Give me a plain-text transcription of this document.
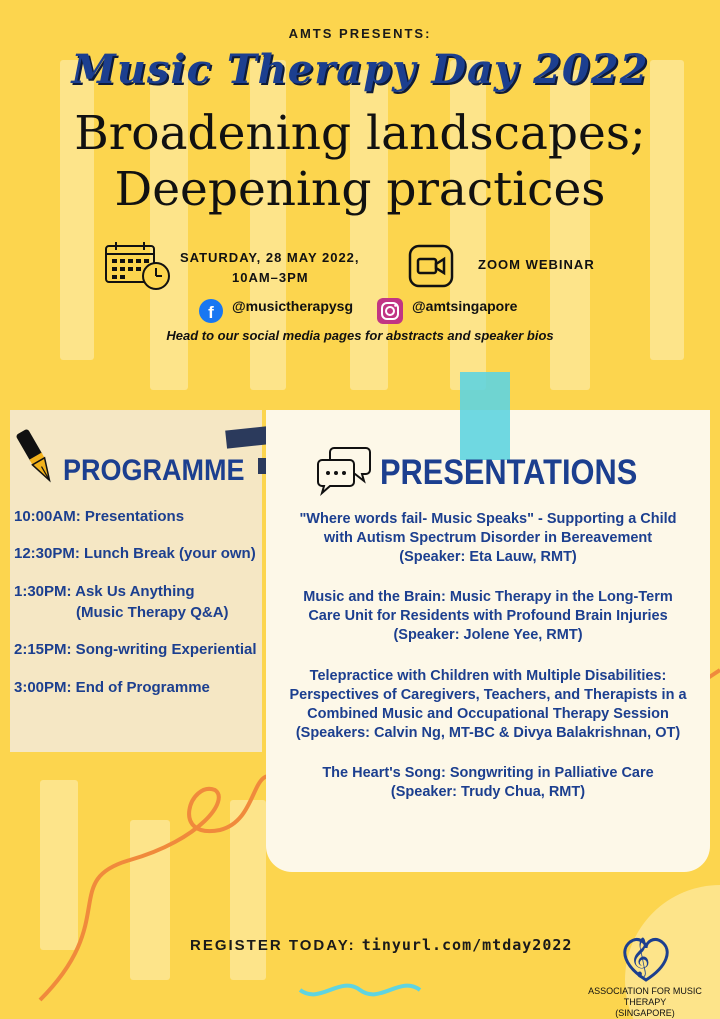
AMTS PRESENTS:
Music Therapy Day 2022
Broadening landscapes;
Deepening practices
SATURDAY, 28 MAY 2022,
10AM–3PM
ZOOM WEBINAR
f @musictherapysg	@amtsingapore
Head to our social media pages for abstracts and speaker bios
PROGRAMME
10:00AM: Presentations
12:30PM: Lunch Break (your own)
1:30PM: Ask Us Anything
(Music Therapy Q&A)
2:15PM: Song-writing Experiential
3:00PM: End of Programme
PRESENTATIONS
"Where words fail- Music Speaks" - Supporting a Child
with Autism Spectrum Disorder in Bereavement
(Speaker: Eta Lauw, RMT)
Music and the Brain: Music Therapy in the Long-Term
Care Unit for Residents with Profound Brain Injuries
(Speaker: Jolene Yee, RMT)
Telepractice with Children with Multiple Disabilities:
Perspectives of Caregivers, Teachers, and Therapists in a
Combined Music and Occupational Therapy Session
(Speakers: Calvin Ng, MT-BC & Divya Balakrishnan, OT)
The Heart's Song: Songwriting in Palliative Care
(Speaker: Trudy Chua, RMT)
REGISTER TODAY: tinyurl.com/mtday2022 𝄞
ASSOCIATION FOR MUSIC THERAPY
(SINGAPORE)
